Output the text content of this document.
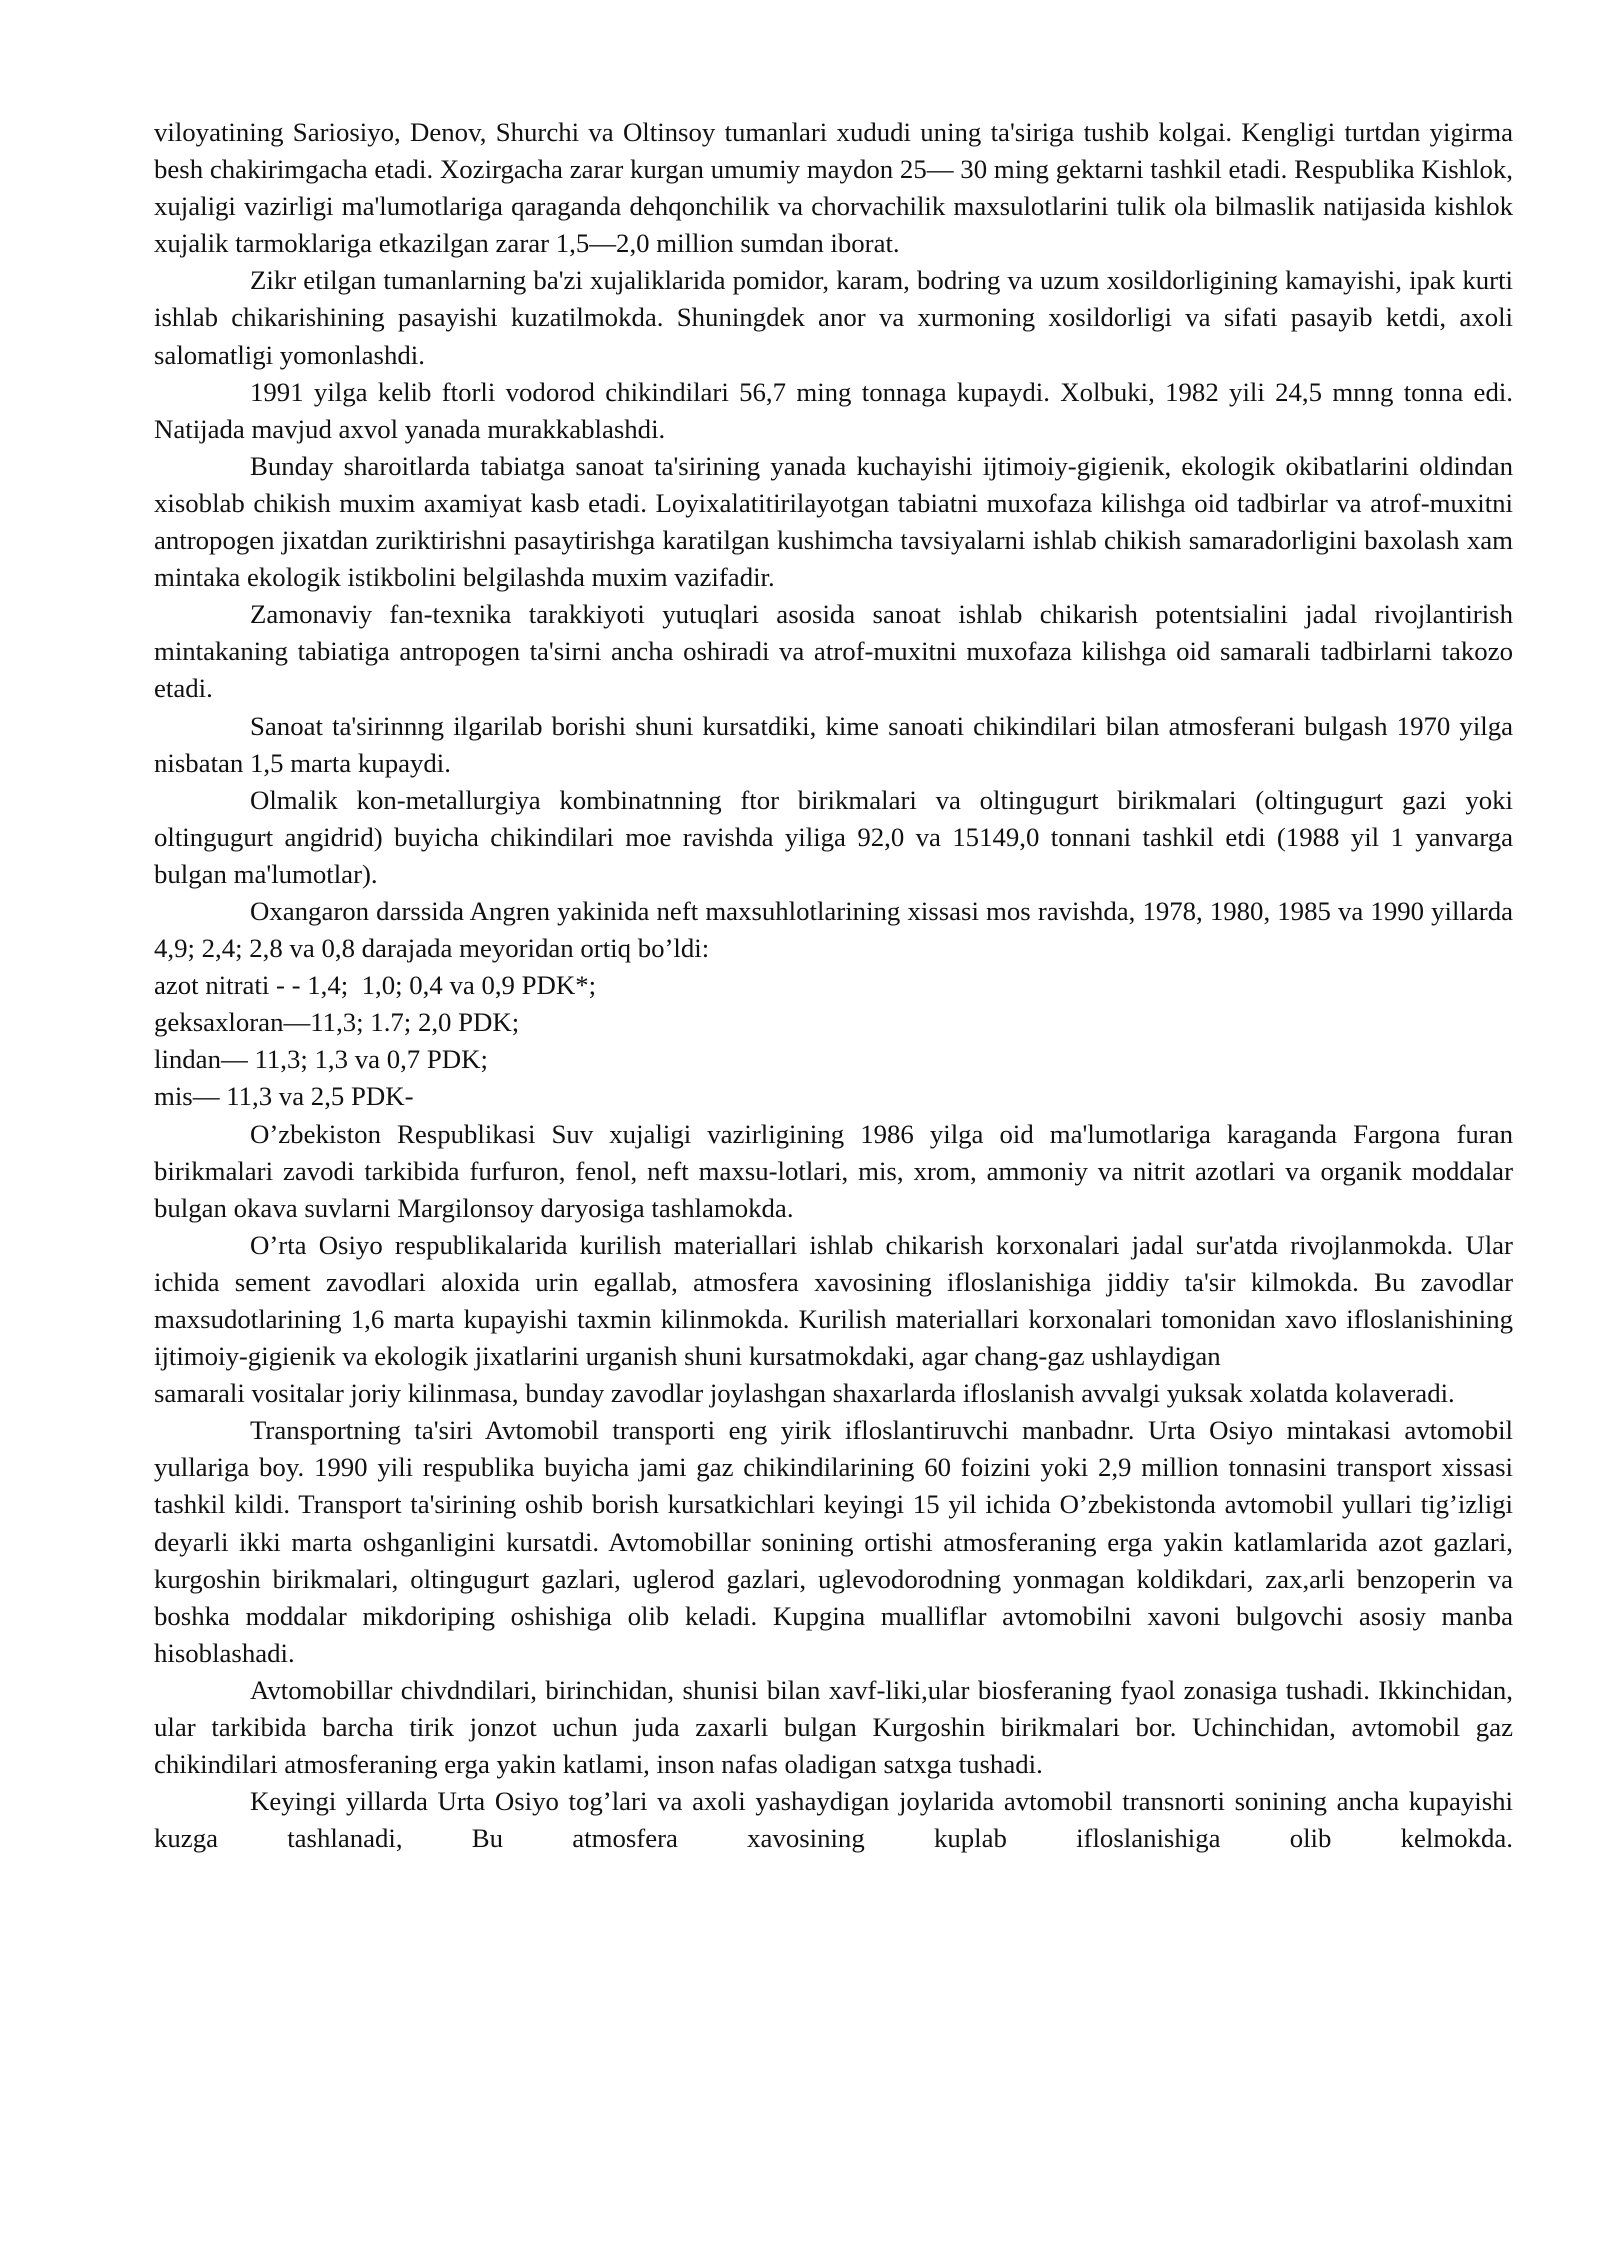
viloyatining Sariosiyo, Denov, Shurchi va Oltinsoy tumanlari xududi uning ta'siriga tushib kolgai. Kengligi turtdan yigirma besh chakirimgacha etadi. Xozirgacha zarar kurgan umumiy maydon 25— 30 ming gektarni tashkil etadi. Respublika Kishlok, xujaligi vazirligi ma'lumotlariga qaraganda dehqonchilik va chorvachilik maxsulotlarini tulik ola bilmaslik natijasida kishlok xujalik tarmoklariga etkazilgan zarar 1,5—2,0 million sumdan iborat.

Zikr etilgan tumanlarning ba'zi xujaliklarida pomidor, karam, bodring va uzum xosildorligining kamayishi, ipak kurti ishlab chikarishining pasayishi kuzatilmokda. Shuningdek anor va xurmoning xosildorligi va sifati pasayib ketdi, axoli salomatligi yomonlashdi.

1991 yilga kelib ftorli vodorod chikindilari 56,7 ming tonnaga kupaydi. Xolbuki, 1982 yili 24,5 mnng tonna edi. Natijada mavjud axvol yanada murakkablashdi.

Bunday sharoitlarda tabiatga sanoat ta'sirining yanada kuchayishi ijtimoiy-gigienik, ekologik okibatlarini oldindan xisoblab chikish muxim axamiyat kasb etadi. Loyixalatitirilayotgan tabiatni muxofaza kilishga oid tadbirlar va atrof-muxitni antropogen jixatdan zuriktirishni pasaytirishga karatilgan kushimcha tavsiyalarni ishlab chikish samaradorligini baxolash xam mintaka ekologik istikbolini belgilashda muxim vazifadir.

Zamonaviy fan-texnika tarakkiyoti yutuqlari asosida sanoat ishlab chikarish potentsialini jadal rivojlantirish mintakaning tabiatiga antropogen ta'sirni ancha oshiradi va atrof-muxitni muxofaza kilishga oid samarali tadbirlarni takozo etadi.

Sanoat ta'sirinnng ilgarilab borishi shuni kursatdiki, kime sanoati chikindilari bilan atmosferani bulgash 1970 yilga nisbatan 1,5 marta kupaydi.

Olmalik kon-metallurgiya kombinatnning ftor birikmalari va oltingugurt birikmalari (oltingugurt gazi yoki oltingugurt angidrid) buyicha chikindilari moe ravishda yiliga 92,0 va 15149,0 tonnani tashkil etdi (1988 yil 1 yanvarga bulgan ma'lumotlar).

Oxangaron darssida Angren yakinida neft maxsuhlotlarining xissasi mos ravishda, 1978, 1980, 1985 va 1990 yillarda 4,9; 2,4; 2,8 va 0,8 darajada meyoridan ortiq bo’ldi:

azot nitrati - - 1,4;  1,0; 0,4 va 0,9 PDK*;
geksaxloran—11,3; 1.7; 2,0 PDK;
lindan— 11,3; 1,3 va 0,7 PDK;
mis— 11,3 va 2,5 PDK-

O’zbekiston Respublikasi Suv xujaligi vazirligining 1986 yilga oid ma'lumotlariga karaganda Fargona furan birikmalari zavodi tarkibida furfuron, fenol, neft maxsu-lotlari, mis, xrom, ammoniy va nitrit azotlari va organik moddalar bulgan okava suvlarni Margilonsoy daryosiga tashlamokda.

O’rta Osiyo respublikalarida kurilish materiallari ishlab chikarish korxonalari jadal sur'atda rivojlanmokda. Ular ichida sement zavodlari aloxida urin egallab, atmosfera xavosining ifloslanishiga jiddiy ta'sir kilmokda. Bu zavodlar maxsudotlarining 1,6 marta kupayishi taxmin kilinmokda. Kurilish materiallari korxonalari tomonidan xavo ifloslanishining ijtimoiy-gigienik va ekologik jixatlarini urganish shuni kursatmokdaki, agar chang-gaz ushlaydigan

samarali vositalar joriy kilinmasa, bunday zavodlar joylashgan shaxarlarda ifloslanish avvalgi yuksak xolatda kolaveradi.

Transportning ta'siri Avtomobil transporti eng yirik ifloslantiruvchi manbadnr. Urta Osiyo mintakasi avtomobil yullariga boy. 1990 yili respublika buyicha jami gaz chikindilarining 60 foizini yoki 2,9 million tonnasini transport xissasi tashkil kildi. Transport ta'sirining oshib borish kursatkichlari keyingi 15 yil ichida O’zbekistonda avtomobil yullari tig’izligi deyarli ikki marta oshganligini kursatdi. Avtomobillar sonining ortishi atmosferaning erga yakin katlamlarida azot gazlari, kurgoshin birikmalari, oltingugurt gazlari, uglerod gazlari, uglevodorodning yonmagan koldikdari, zax,arli benzoperin va boshka moddalar mikdoriping oshishiga olib keladi. Kupgina mualliflar avtomobilni xavoni bulgovchi asosiy manba hisoblashadi.

Avtomobillar chivdndilari, birinchidan, shunisi bilan xavf-liki,ular biosferaning fyaol zonasiga tushadi. Ikkinchidan, ular tarkibida barcha tirik jonzot uchun juda zaxarli bulgan Kurgoshin birikmalari bor. Uchinchidan, avtomobil gaz chikindilari atmosferaning erga yakin katlami, inson nafas oladigan satxga tushadi.

Keyingi yillarda Urta Osiyo tog’lari va axoli yashaydigan joylarida avtomobil transnorti sonining ancha kupayishi kuzga tashlanadi, Bu atmosfera xavosining kuplab ifloslanishiga olib kelmokda.
